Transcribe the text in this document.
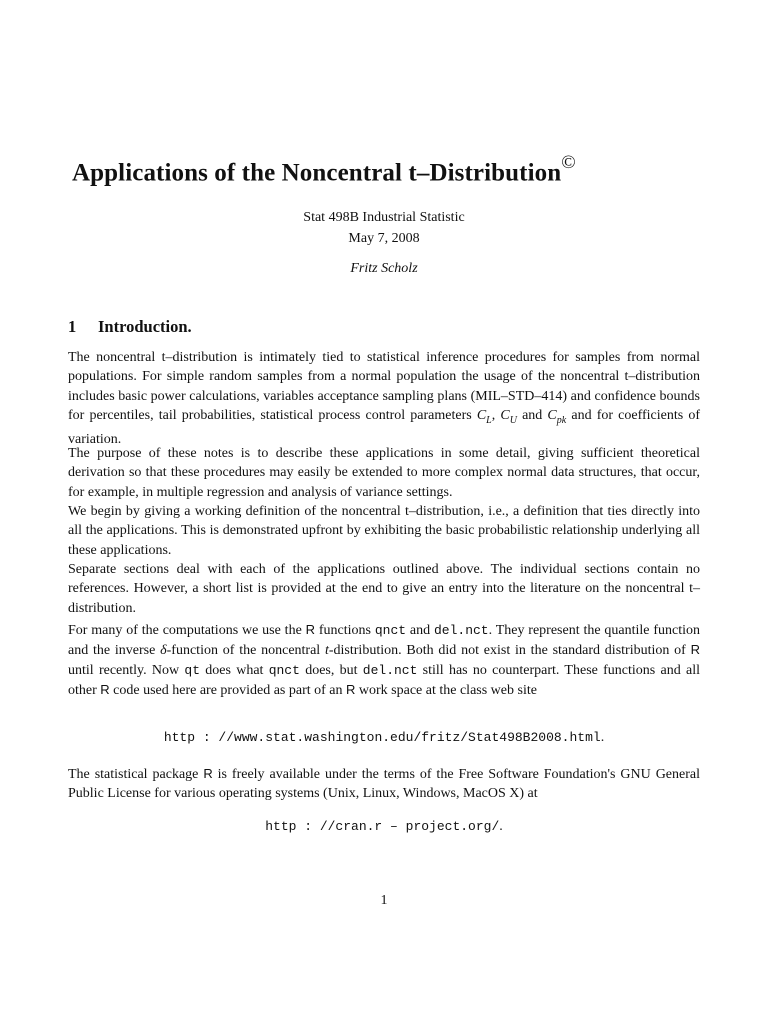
Applications of the Noncentral t–Distribution©
Stat 498B Industrial Statistic
May 7, 2008
Fritz Scholz
1 Introduction.
The noncentral t–distribution is intimately tied to statistical inference procedures for samples from normal populations. For simple random samples from a normal population the usage of the noncentral t–distribution includes basic power calculations, variables acceptance sampling plans (MIL–STD–414) and confidence bounds for percentiles, tail probabilities, statistical process control parameters $C_L$, $C_U$ and $C_{pk}$ and for coefficients of variation.
The purpose of these notes is to describe these applications in some detail, giving sufficient theoretical derivation so that these procedures may easily be extended to more complex normal data structures, that occur, for example, in multiple regression and analysis of variance settings.
We begin by giving a working definition of the noncentral t–distribution, i.e., a definition that ties directly into all the applications. This is demonstrated upfront by exhibiting the basic probabilistic relationship underlying all these applications.
Separate sections deal with each of the applications outlined above. The individual sections contain no references. However, a short list is provided at the end to give an entry into the literature on the noncentral t–distribution.
For many of the computations we use the R functions qnct and del.nct. They represent the quantile function and the inverse δ-function of the noncentral t-distribution. Both did not exist in the standard distribution of R until recently. Now qt does what qnct does, but del.nct still has no counterpart. These functions and all other R code used here are provided as part of an R work space at the class web site
http : //www.stat.washington.edu/fritz/Stat498B2008.html.
The statistical package R is freely available under the terms of the Free Software Foundation's GNU General Public License for various operating systems (Unix, Linux, Windows, MacOS X) at
http : //cran.r – project.org/.
1
